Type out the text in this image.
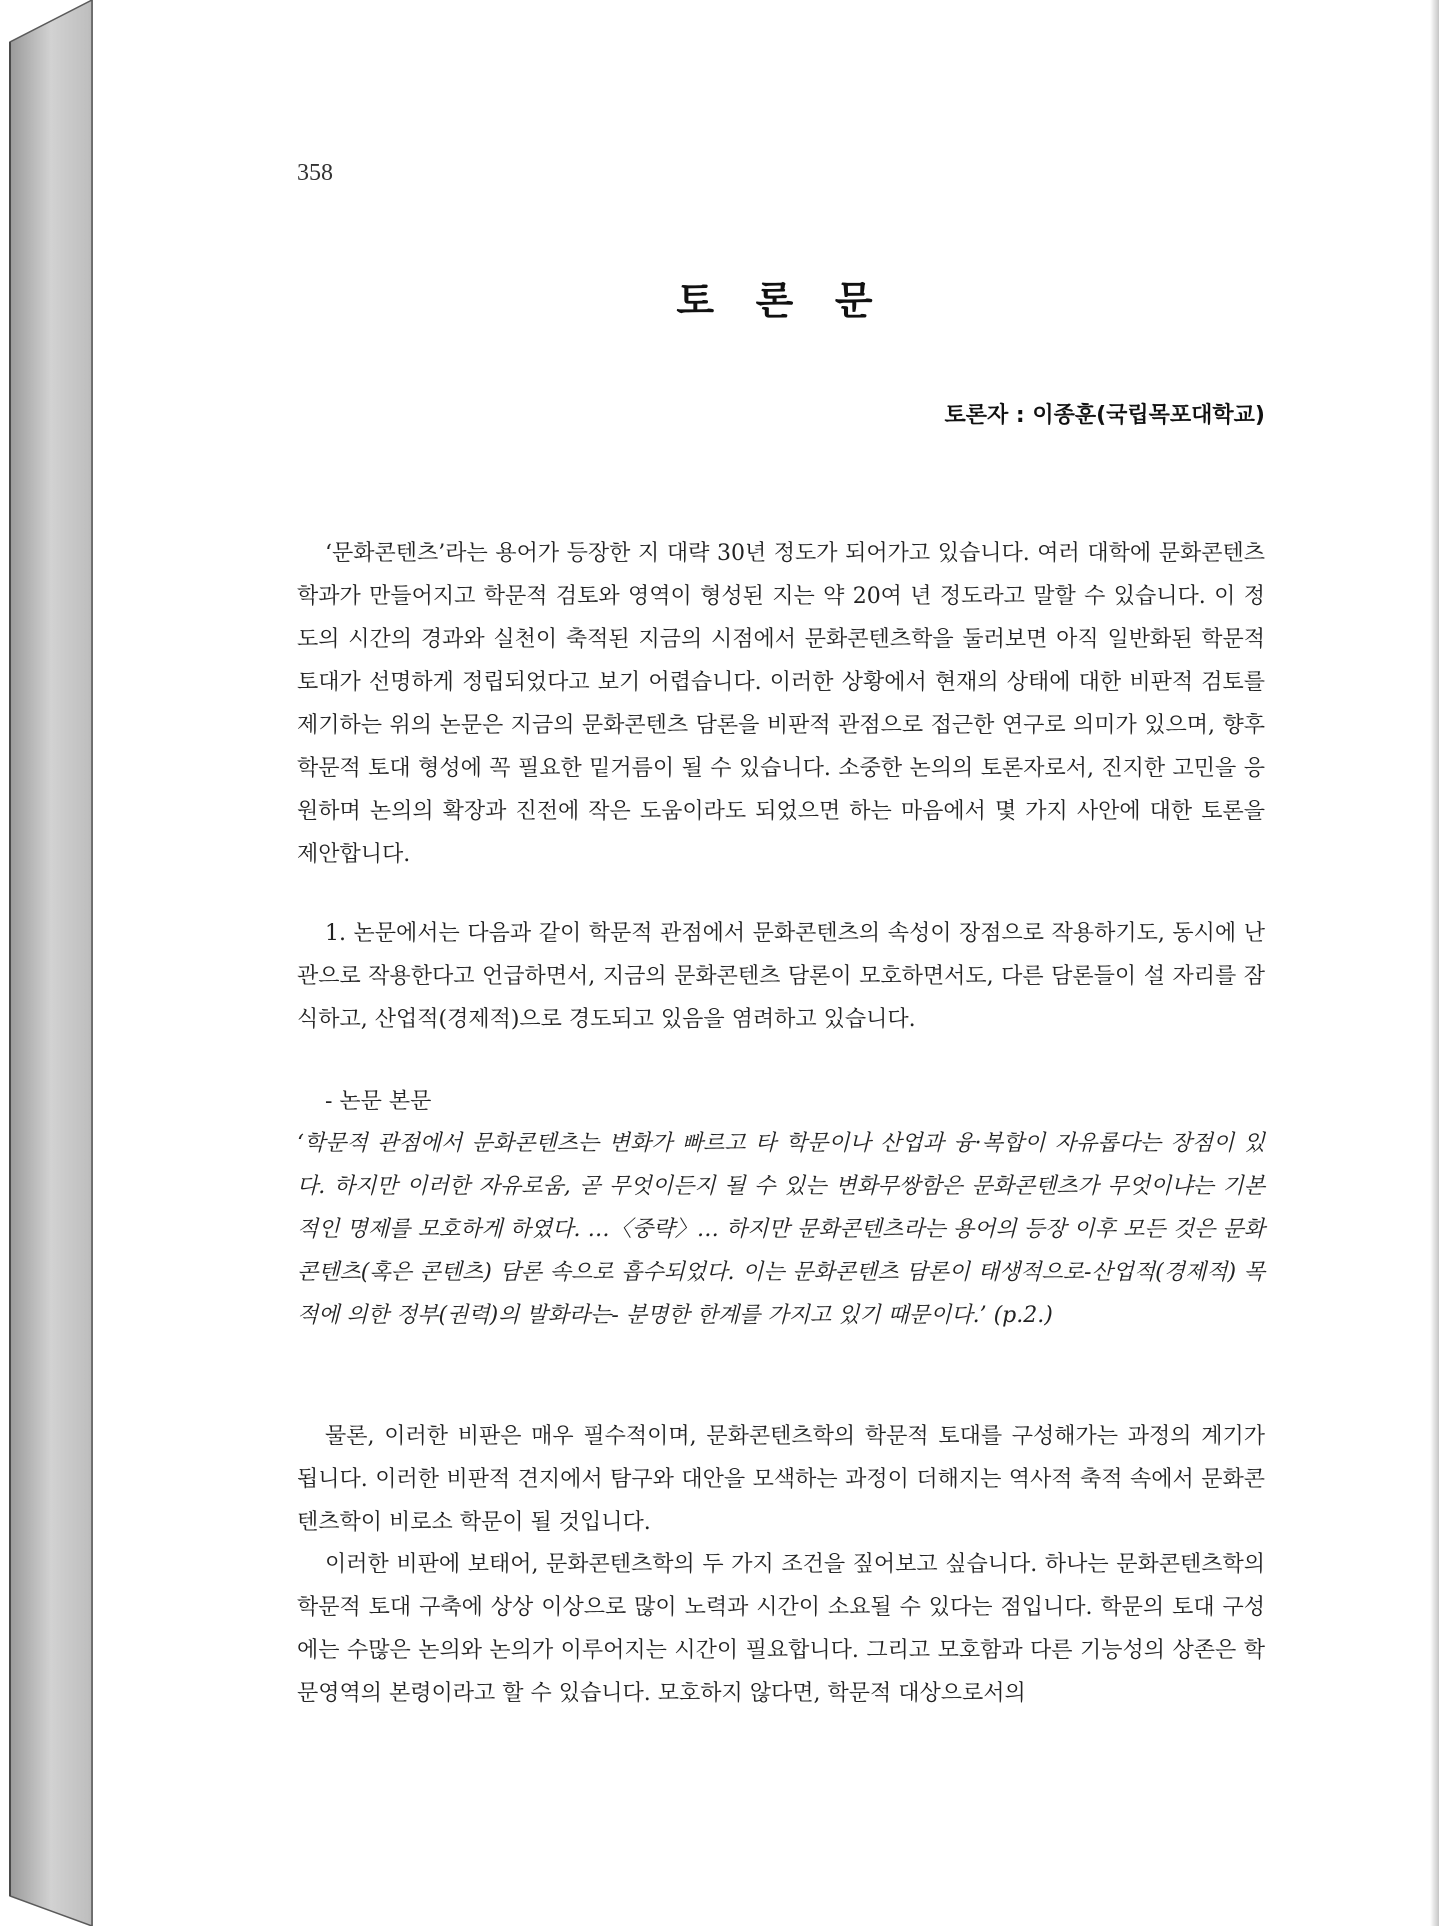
358
토 론 문
토론자 : 이종훈(국립목포대학교)

‘문화콘텐츠’라는 용어가 등장한 지 대략 30년 정도가 되어가고 있습니다. 여러 대학에 문화콘텐츠학과가 만들어지고 학문적 검토와 영역이 형성된 지는 약 20여 년 정도라고 말할 수 있습니다. 이 정도의 시간의 경과와 실천이 축적된 지금의 시점에서 문화콘텐츠학을 둘러보면 아직 일반화된 학문적 토대가 선명하게 정립되었다고 보기 어렵습니다. 이러한 상황에서 현재의 상태에 대한 비판적 검토를 제기하는 위의 논문은 지금의 문화콘텐츠 담론을 비판적 관점으로 접근한 연구로 의미가 있으며, 향후 학문적 토대 형성에 꼭 필요한 밑거름이 될 수 있습니다. 소중한 논의의 토론자로서, 진지한 고민을 응원하며 논의의 확장과 진전에 작은 도움이라도 되었으면 하는 마음에서 몇 가지 사안에 대한 토론을 제안합니다.

1. 논문에서는 다음과 같이 학문적 관점에서 문화콘텐츠의 속성이 장점으로 작용하기도, 동시에 난관으로 작용한다고 언급하면서, 지금의 문화콘텐츠 담론이 모호하면서도, 다른 담론들이 설 자리를 잠식하고, 산업적(경제적)으로 경도되고 있음을 염려하고 있습니다.

- 논문 본문

‘학문적 관점에서 문화콘텐츠는 변화가 빠르고 타 학문이나 산업과 융·복합이 자유롭다는 장점이 있다. 하지만 이러한 자유로움, 곧 무엇이든지 될 수 있는 변화무쌍함은 문화콘텐츠가 무엇이냐는 기본적인 명제를 모호하게 하였다. …〈중략〉… 하지만 문화콘텐츠라는 용어의 등장 이후 모든 것은 문화콘텐츠(혹은 콘텐츠) 담론 속으로 흡수되었다. 이는 문화콘텐츠 담론이 태생적으로-산업적(경제적) 목적에 의한 정부(권력)의 발화라는- 분명한 한계를 가지고 있기 때문이다.’ (p.2.)

물론, 이러한 비판은 매우 필수적이며, 문화콘텐츠학의 학문적 토대를 구성해가는 과정의 계기가 됩니다. 이러한 비판적 견지에서 탐구와 대안을 모색하는 과정이 더해지는 역사적 축적 속에서 문화콘텐츠학이 비로소 학문이 될 것입니다.

이러한 비판에 보태어, 문화콘텐츠학의 두 가지 조건을 짚어보고 싶습니다. 하나는 문화콘텐츠학의 학문적 토대 구축에 상상 이상으로 많이 노력과 시간이 소요될 수 있다는 점입니다. 학문의 토대 구성에는 수많은 논의와 논의가 이루어지는 시간이 필요합니다. 그리고 모호함과 다른 기능성의 상존은 학문영역의 본령이라고 할 수 있습니다. 모호하지 않다면, 학문적 대상으로서의
